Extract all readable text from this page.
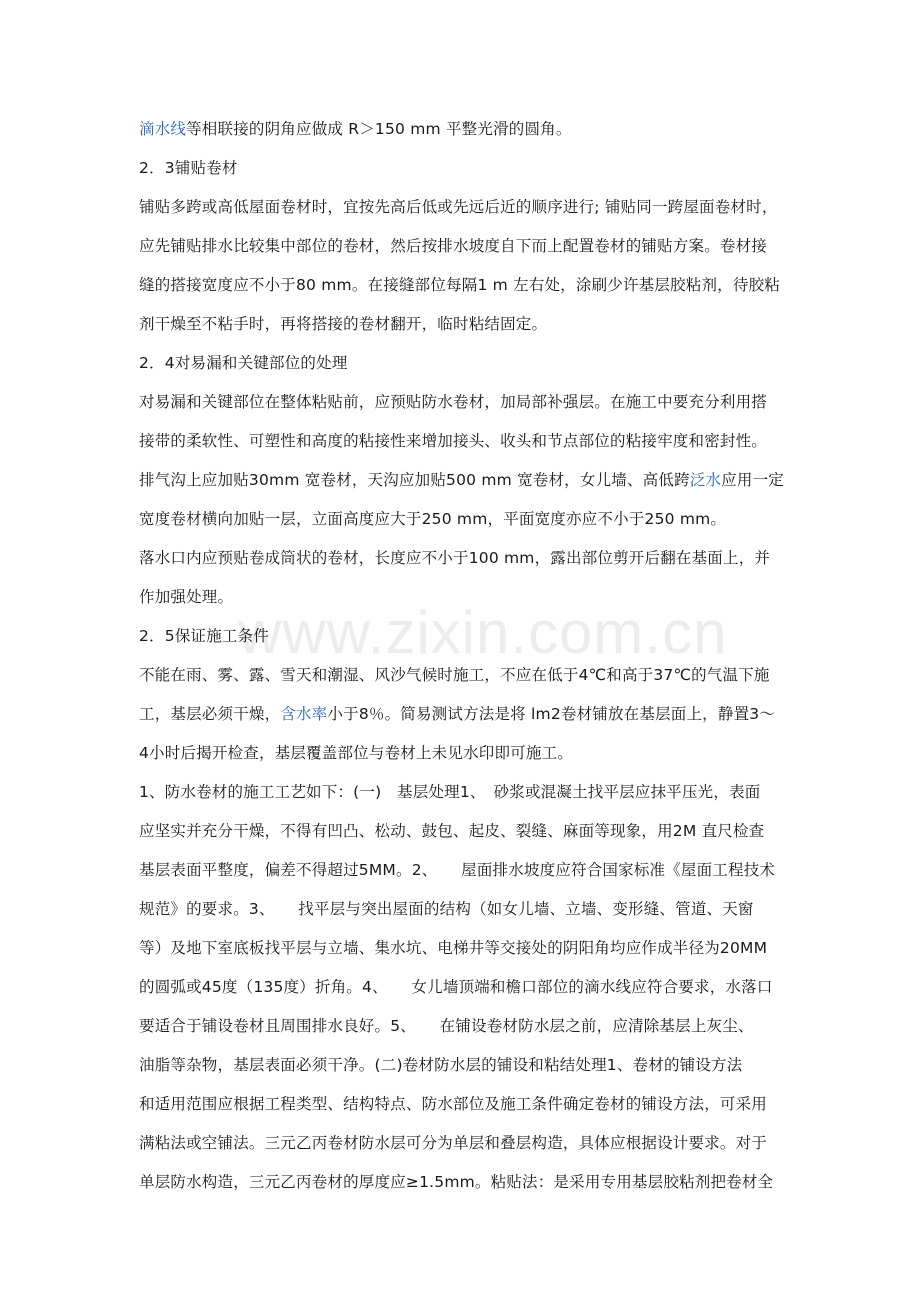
www.zixin.com.cn
滴水线等相联接的阴角应做成 R＞150 mm 平整光滑的圆角。
2．3铺贴卷材
铺贴多跨或高低屋面卷材时，宜按先高后低或先远后近的顺序进行; 铺贴同一跨屋面卷材时，
应先铺贴排水比较集中部位的卷材，然后按排水坡度自下而上配置卷材的铺贴方案。卷材接
缝的搭接宽度应不小于80 mm。在接缝部位每隔1 m 左右处，涂刷少许基层胶粘剂，待胶粘
剂干燥至不粘手时，再将搭接的卷材翻开，临时粘结固定。
2．4对易漏和关键部位的处理
对易漏和关键部位在整体粘贴前，应预贴防水卷材，加局部补强层。在施工中要充分利用搭
接带的柔软性、可塑性和高度的粘接性来增加接头、收头和节点部位的粘接牢度和密封性。
排气沟上应加贴30mm 宽卷材，天沟应加贴500 mm 宽卷材，女儿墙、高低跨泛水应用一定
宽度卷材横向加贴一层，立面高度应大于250 mm，平面宽度亦应不小于250 mm。
落水口内应预贴卷成筒状的卷材，长度应不小于100 mm，露出部位剪开后翻在基面上，并
作加强处理。
2．5保证施工条件
不能在雨、雾、露、雪天和潮湿、风沙气候时施工，不应在低于4℃和高于37℃的气温下施
工，基层必须干燥，含水率小于8％。简易测试方法是将 lm2卷材铺放在基层面上，静置3～
4小时后揭开检查，基层覆盖部位与卷材上未见水印即可施工。
1、防水卷材的施工工艺如下：(一)　基层处理1、　砂浆或混凝土找平层应抹平压光，表面
应坚实并充分干燥，不得有凹凸、松动、鼓包、起皮、裂缝、麻面等现象，用2M 直尺检查
基层表面平整度，偏差不得超过5MM。2、　　屋面排水坡度应符合国家标准《屋面工程技术
规范》的要求。3、　　找平层与突出屋面的结构（如女儿墙、立墙、变形缝、管道、天窗
等）及地下室底板找平层与立墙、集水坑、电梯井等交接处的阴阳角均应作成半径为20MM
的圆弧或45度（135度）折角。4、　　女儿墙顶端和檐口部位的滴水线应符合要求，水落口
要适合于铺设卷材且周围排水良好。5、　　在铺设卷材防水层之前，应清除基层上灰尘、
油脂等杂物，基层表面必须干净。(二)卷材防水层的铺设和粘结处理1、卷材的铺设方法
和适用范围应根据工程类型、结构特点、防水部位及施工条件确定卷材的铺设方法，可采用
满粘法或空铺法。三元乙丙卷材防水层可分为单层和叠层构造，具体应根据设计要求。对于
单层防水构造，三元乙丙卷材的厚度应≥1.5mm。粘贴法：是采用专用基层胶粘剂把卷材全
